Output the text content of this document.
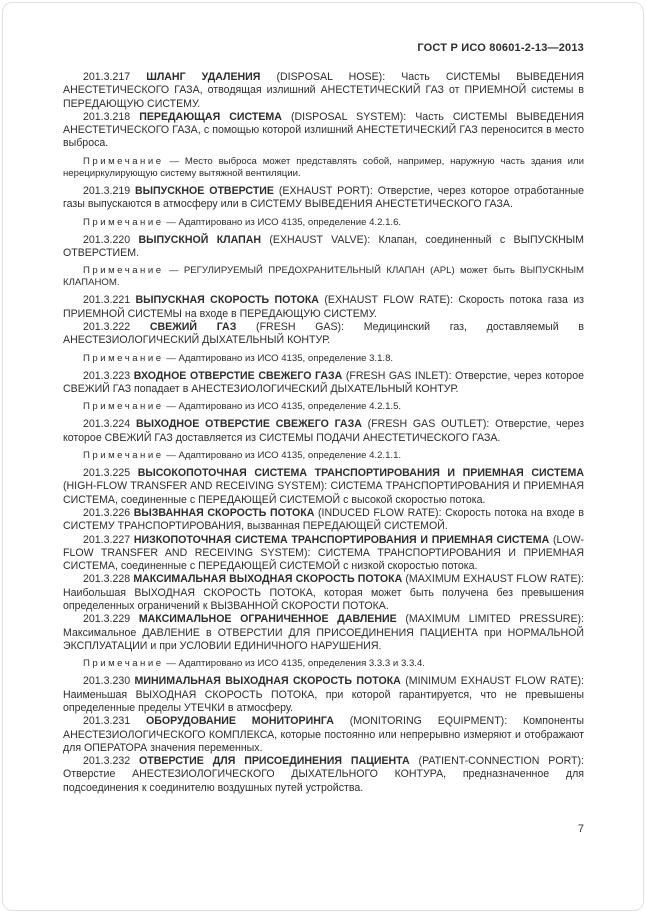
ГОСТ Р ИСО 80601-2-13—2013

201.3.217 ШЛАНГ УДАЛЕНИЯ (DISPOSAL HOSE): Часть СИСТЕМЫ ВЫВЕДЕНИЯ АНЕСТЕТИЧЕСКОГО ГАЗА, отводящая излишний АНЕСТЕТИЧЕСКИЙ ГАЗ от ПРИЕМНОЙ системы в ПЕРЕДАЮЩУЮ СИСТЕМУ.

201.3.218 ПЕРЕДАЮЩАЯ СИСТЕМА (DISPOSAL SYSTEM): Часть СИСТЕМЫ ВЫВЕДЕНИЯ АНЕСТЕТИЧЕСКОГО ГАЗА, с помощью которой излишний АНЕСТЕТИЧЕСКИЙ ГАЗ переносится в место выброса.

Примечание — Место выброса может представлять собой, например, наружную часть здания или нерециркулирующую систему вытяжной вентиляции.

201.3.219 ВЫПУСКНОЕ ОТВЕРСТИЕ (EXHAUST PORT): Отверстие, через которое отработанные газы выпускаются в атмосферу или в СИСТЕМУ ВЫВЕДЕНИЯ АНЕСТЕТИЧЕСКОГО ГАЗА.

Примечание — Адаптировано из ИСО 4135, определение 4.2.1.6.

201.3.220 ВЫПУСКНОЙ КЛАПАН (EXHAUST VALVE): Клапан, соединенный с ВЫПУСКНЫМ ОТВЕРСТИЕМ.

Примечание — РЕГУЛИРУЕМЫЙ ПРЕДОХРАНИТЕЛЬНЫЙ КЛАПАН (APL) может быть ВЫПУСКНЫМ КЛАПАНОМ.

201.3.221 ВЫПУСКНАЯ СКОРОСТЬ ПОТОКА (EXHAUST FLOW RATE): Скорость потока газа из ПРИЕМНОЙ СИСТЕМЫ на входе в ПЕРЕДАЮЩУЮ СИСТЕМУ.

201.3.222 СВЕЖИЙ ГАЗ (FRESH GAS): Медицинский газ, доставляемый в АНЕСТЕЗИОЛОГИЧЕСКИЙ ДЫХАТЕЛЬНЫЙ КОНТУР.

Примечание — Адаптировано из ИСО 4135, определение 3.1.8.

201.3.223 ВХОДНОЕ ОТВЕРСТИЕ СВЕЖЕГО ГАЗА (FRESH GAS INLET): Отверстие, через которое СВЕЖИЙ ГАЗ попадает в АНЕСТЕЗИОЛОГИЧЕСКИЙ ДЫХАТЕЛЬНЫЙ КОНТУР.

Примечание — Адаптировано из ИСО 4135, определение 4.2.1.5.

201.3.224 ВЫХОДНОЕ ОТВЕРСТИЕ СВЕЖЕГО ГАЗА (FRESH GAS OUTLET): Отверстие, через которое СВЕЖИЙ ГАЗ доставляется из СИСТЕМЫ ПОДАЧИ АНЕСТЕТИЧЕСКОГО ГАЗА.

Примечание — Адаптировано из ИСО 4135, определение 4.2.1.1.

201.3.225 ВЫСОКОПОТОЧНАЯ СИСТЕМА ТРАНСПОРТИРОВАНИЯ И ПРИЕМНАЯ СИСТЕМА (HIGH-FLOW TRANSFER AND RECEIVING SYSTEM): СИСТЕМА ТРАНСПОРТИРОВАНИЯ И ПРИЕМНАЯ СИСТЕМА, соединенные с ПЕРЕДАЮЩЕЙ СИСТЕМОЙ с высокой скоростью потока.

201.3.226 ВЫЗВАННАЯ СКОРОСТЬ ПОТОКА (INDUCED FLOW RATE): Скорость потока на входе в СИСТЕМУ ТРАНСПОРТИРОВАНИЯ, вызванная ПЕРЕДАЮЩЕЙ СИСТЕМОЙ.

201.3.227 НИЗКОПОТОЧНАЯ СИСТЕМА ТРАНСПОРТИРОВАНИЯ И ПРИЕМНАЯ СИСТЕМА (LOW-FLOW TRANSFER AND RECEIVING SYSTEM): СИСТЕМА ТРАНСПОРТИРОВАНИЯ И ПРИЕМНАЯ СИСТЕМА, соединенные с ПЕРЕДАЮЩЕЙ СИСТЕМОЙ с низкой скоростью потока.

201.3.228 МАКСИМАЛЬНАЯ ВЫХОДНАЯ СКОРОСТЬ ПОТОКА (MAXIMUM EXHAUST FLOW RATE): Наибольшая ВЫХОДНАЯ СКОРОСТЬ ПОТОКА, которая может быть получена без превышения определенных ограничений к ВЫЗВАННОЙ СКОРОСТИ ПОТОКА.

201.3.229 МАКСИМАЛЬНОЕ ОГРАНИЧЕННОЕ ДАВЛЕНИЕ (MAXIMUM LIMITED PRESSURE): Максимальное ДАВЛЕНИЕ в ОТВЕРСТИИ ДЛЯ ПРИСОЕДИНЕНИЯ ПАЦИЕНТА при НОРМАЛЬНОЙ ЭКСПЛУАТАЦИИ и при УСЛОВИИ ЕДИНИЧНОГО НАРУШЕНИЯ.

Примечание — Адаптировано из ИСО 4135, определения 3.3.3 и 3.3.4.

201.3.230 МИНИМАЛЬНАЯ ВЫХОДНАЯ СКОРОСТЬ ПОТОКА (MINIMUM EXHAUST FLOW RATE): Наименьшая ВЫХОДНАЯ СКОРОСТЬ ПОТОКА, при которой гарантируется, что не превышены определенные пределы УТЕЧКИ в атмосферу.

201.3.231 ОБОРУДОВАНИЕ МОНИТОРИНГА (MONITORING EQUIPMENT): Компоненты АНЕСТЕЗИОЛОГИЧЕСКОГО КОМПЛЕКСА, которые постоянно или непрерывно измеряют и отображают для ОПЕРАТОРА значения переменных.

201.3.232 ОТВЕРСТИЕ ДЛЯ ПРИСОЕДИНЕНИЯ ПАЦИЕНТА (PATIENT-CONNECTION PORT): Отверстие АНЕСТЕЗИОЛОГИЧЕСКОГО ДЫХАТЕЛЬНОГО КОНТУРА, предназначенное для подсоединения к соединителю воздушных путей устройства.

7
